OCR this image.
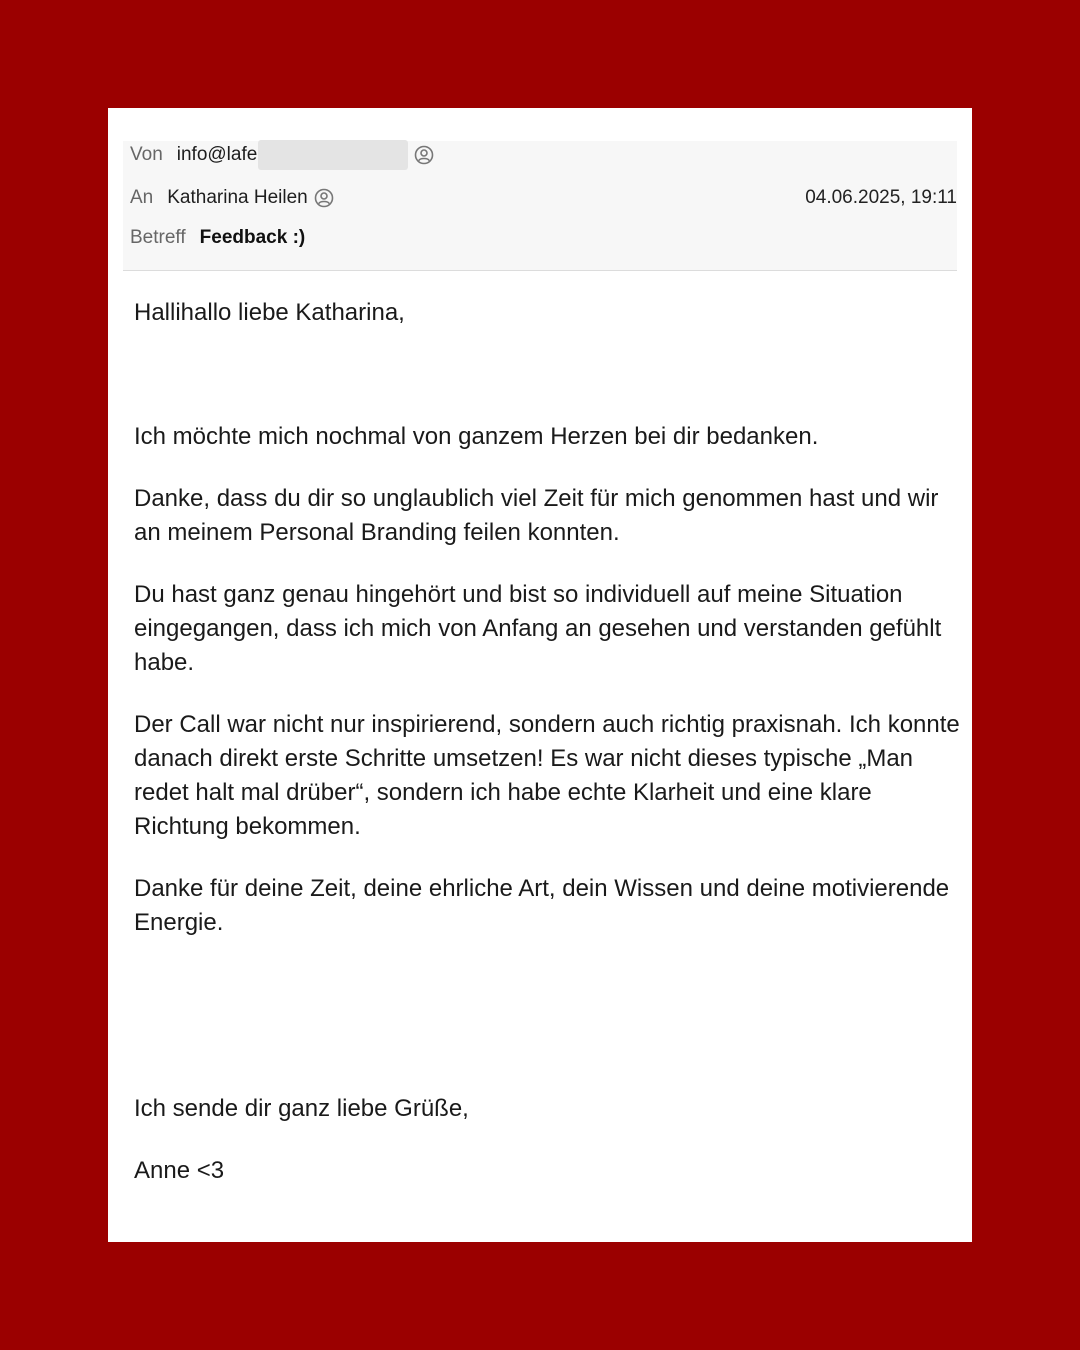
Von info@lafe
An Katharina Heilen	04.06.2025, 19:11
Betreff Feedback :)

Hallihallo liebe Katharina,

Ich möchte mich nochmal von ganzem Herzen bei dir bedanken.

Danke, dass du dir so unglaublich viel Zeit für mich genommen hast und wir an meinem Personal Branding feilen konnten.

Du hast ganz genau hingehört und bist so individuell auf meine Situation eingegangen, dass ich mich von Anfang an gesehen und verstanden gefühlt habe.

Der Call war nicht nur inspirierend, sondern auch richtig praxisnah. Ich konnte danach direkt erste Schritte umsetzen! Es war nicht dieses typische „Man redet halt mal drüber“, sondern ich habe echte Klarheit und eine klare Richtung bekommen.

Danke für deine Zeit, deine ehrliche Art, dein Wissen und deine motivierende Energie.

Ich sende dir ganz liebe Grüße,

Anne <3
